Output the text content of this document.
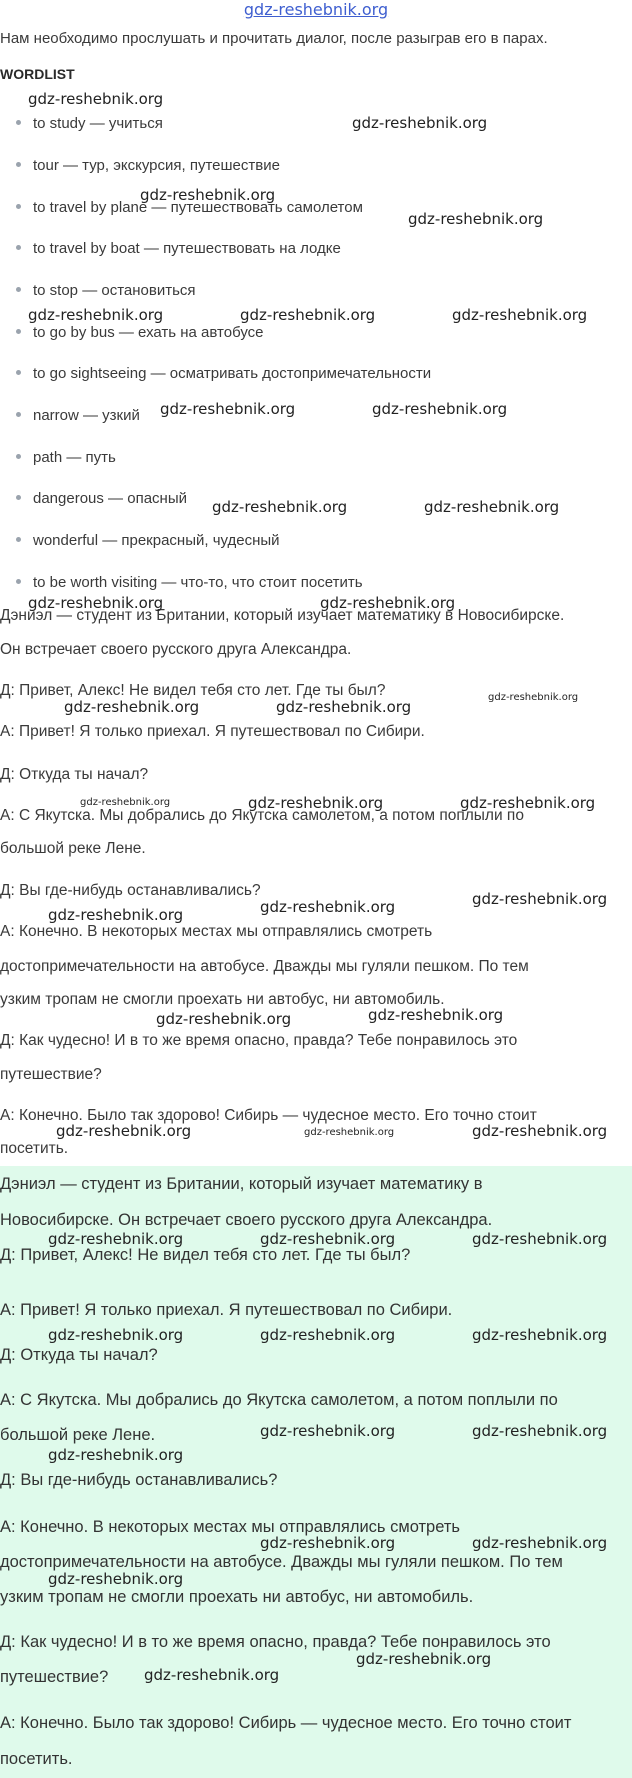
gdz-reshebnik.org
Нам необходимо прослушать и прочитать диалог, после разыграв его в парах.
WORDLIST
to study — учиться
tour — тур, экскурсия, путешествие
to travel by plane — путешествовать самолетом
to travel by boat — путешествовать на лодке
to stop — остановиться
to go by bus — ехать на автобусе
to go sightseeing — осматривать достопримечательности
narrow — узкий
path — путь
dangerous — опасный
wonderful — прекрасный, чудесный
to be worth visiting — что-то, что стоит посетить
Дэниэл — студент из Британии, который изучает математику в Новосибирске.
Он встречает своего русского друга Александра.
Д: Привет, Алекс! Не видел тебя сто лет. Где ты был?
А: Привет! Я только приехал. Я путешествовал по Сибири.
Д: Откуда ты начал?
А: С Якутска. Мы добрались до Якутска самолетом, а потом поплыли по
большой реке Лене.
Д: Вы где-нибудь останавливались?
А: Конечно. В некоторых местах мы отправлялись смотреть
достопримечательности на автобусе. Дважды мы гуляли пешком. По тем
узким тропам не смогли проехать ни автобус, ни автомобиль.
Д: Как чудесно! И в то же время опасно, правда? Тебе понравилось это
путешествие?
А: Конечно. Было так здорово! Сибирь — чудесное место. Его точно стоит
посетить.
Дэниэл — студент из Британии, который изучает математику в
Новосибирске. Он встречает своего русского друга Александра.
Д: Привет, Алекс! Не видел тебя сто лет. Где ты был?
А: Привет! Я только приехал. Я путешествовал по Сибири.
Д: Откуда ты начал?
А: С Якутска. Мы добрались до Якутска самолетом, а потом поплыли по
большой реке Лене.
Д: Вы где-нибудь останавливались?
А: Конечно. В некоторых местах мы отправлялись смотреть
достопримечательности на автобусе. Дважды мы гуляли пешком. По тем
узким тропам не смогли проехать ни автобус, ни автомобиль.
Д: Как чудесно! И в то же время опасно, правда? Тебе понравилось это
путешествие?
А: Конечно. Было так здорово! Сибирь — чудесное место. Его точно стоит
посетить.
gdz-reshebnik.org
gdz-reshebnik.org
gdz-reshebnik.org
gdz-reshebnik.org
gdz-reshebnik.org	gdz-reshebnik.org	gdz-reshebnik.org
gdz-reshebnik.org	gdz-reshebnik.org
gdz-reshebnik.org	gdz-reshebnik.org
gdz-reshebnik.org	gdz-reshebnik.org
gdz-reshebnik.org
gdz-reshebnik.org	gdz-reshebnik.org
gdz-reshebnik.org	gdz-reshebnik.org	gdz-reshebnik.org
gdz-reshebnik.org	gdz-reshebnik.org
gdz-reshebnik.org
gdz-reshebnik.org	gdz-reshebnik.org
gdz-reshebnik.org	gdz-reshebnik.org	gdz-reshebnik.org
gdz-reshebnik.org	gdz-reshebnik.org	gdz-reshebnik.org
gdz-reshebnik.org	gdz-reshebnik.org	gdz-reshebnik.org
gdz-reshebnik.org	gdz-reshebnik.org
gdz-reshebnik.org
gdz-reshebnik.org	gdz-reshebnik.org
gdz-reshebnik.org
gdz-reshebnik.org
gdz-reshebnik.org
